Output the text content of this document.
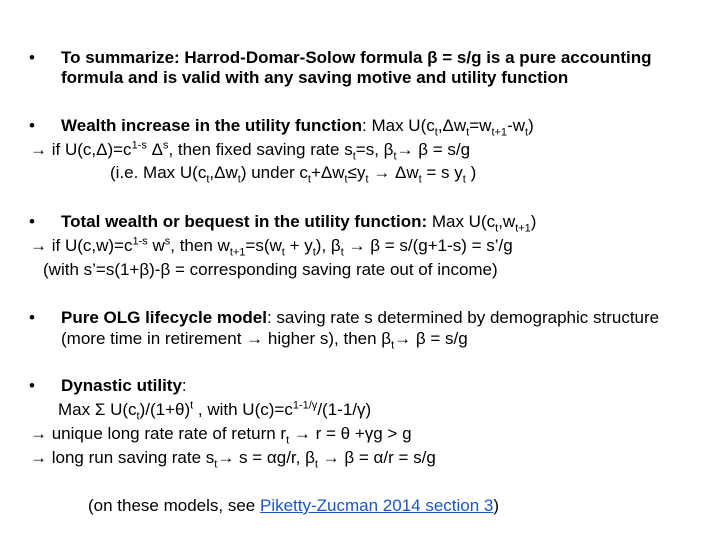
• To summarize: Harrod-Domar-Solow formula β = s/g is a pure accounting
formula and is valid with any saving motive and utility function
• Wealth increase in the utility function: Max $U(c_t,\Delta w_t=w_{t+1}-w_t)$
→ if $U(c,\Delta)=c^{1-s}$ $\Delta^s$, then fixed saving rate $s_t=s$, $\beta_t\to \beta = s/g$
(i.e. Max $U(c_t,\Delta w_t)$ under $c_t+\Delta w_t\le y_t \to \Delta w_t = s$ $y_t$ )
• Total wealth or bequest in the utility function: Max $U(c_t,w_{t+1})$
→ if $U(c,w)=c^{1-s}$ $w^s$, then $w_{t+1}=s(w_t + y_t)$, $\beta_t \to \beta = s/(g+1-s)$ = s’/g
(with s’=s(1+β)-β = corresponding saving rate out of income)
• Pure OLG lifecycle model: saving rate s determined by demographic structure
(more time in retirement → higher s), then $\beta_t\to \beta = s/g$
• Dynastic utility:
Max Σ $U(c_t)/(1+\theta)^t$ , with $U(c)=c^{1-1/\gamma}/(1-1/\gamma)$
→ unique long rate rate of return $r_t \to r = \theta +\gamma g > g$
→ long run saving rate $s_t\to s = \alpha g/r$, $\beta_t \to \beta = \alpha/r = s/g$
(on these models, see Piketty-Zucman 2014 section 3)
